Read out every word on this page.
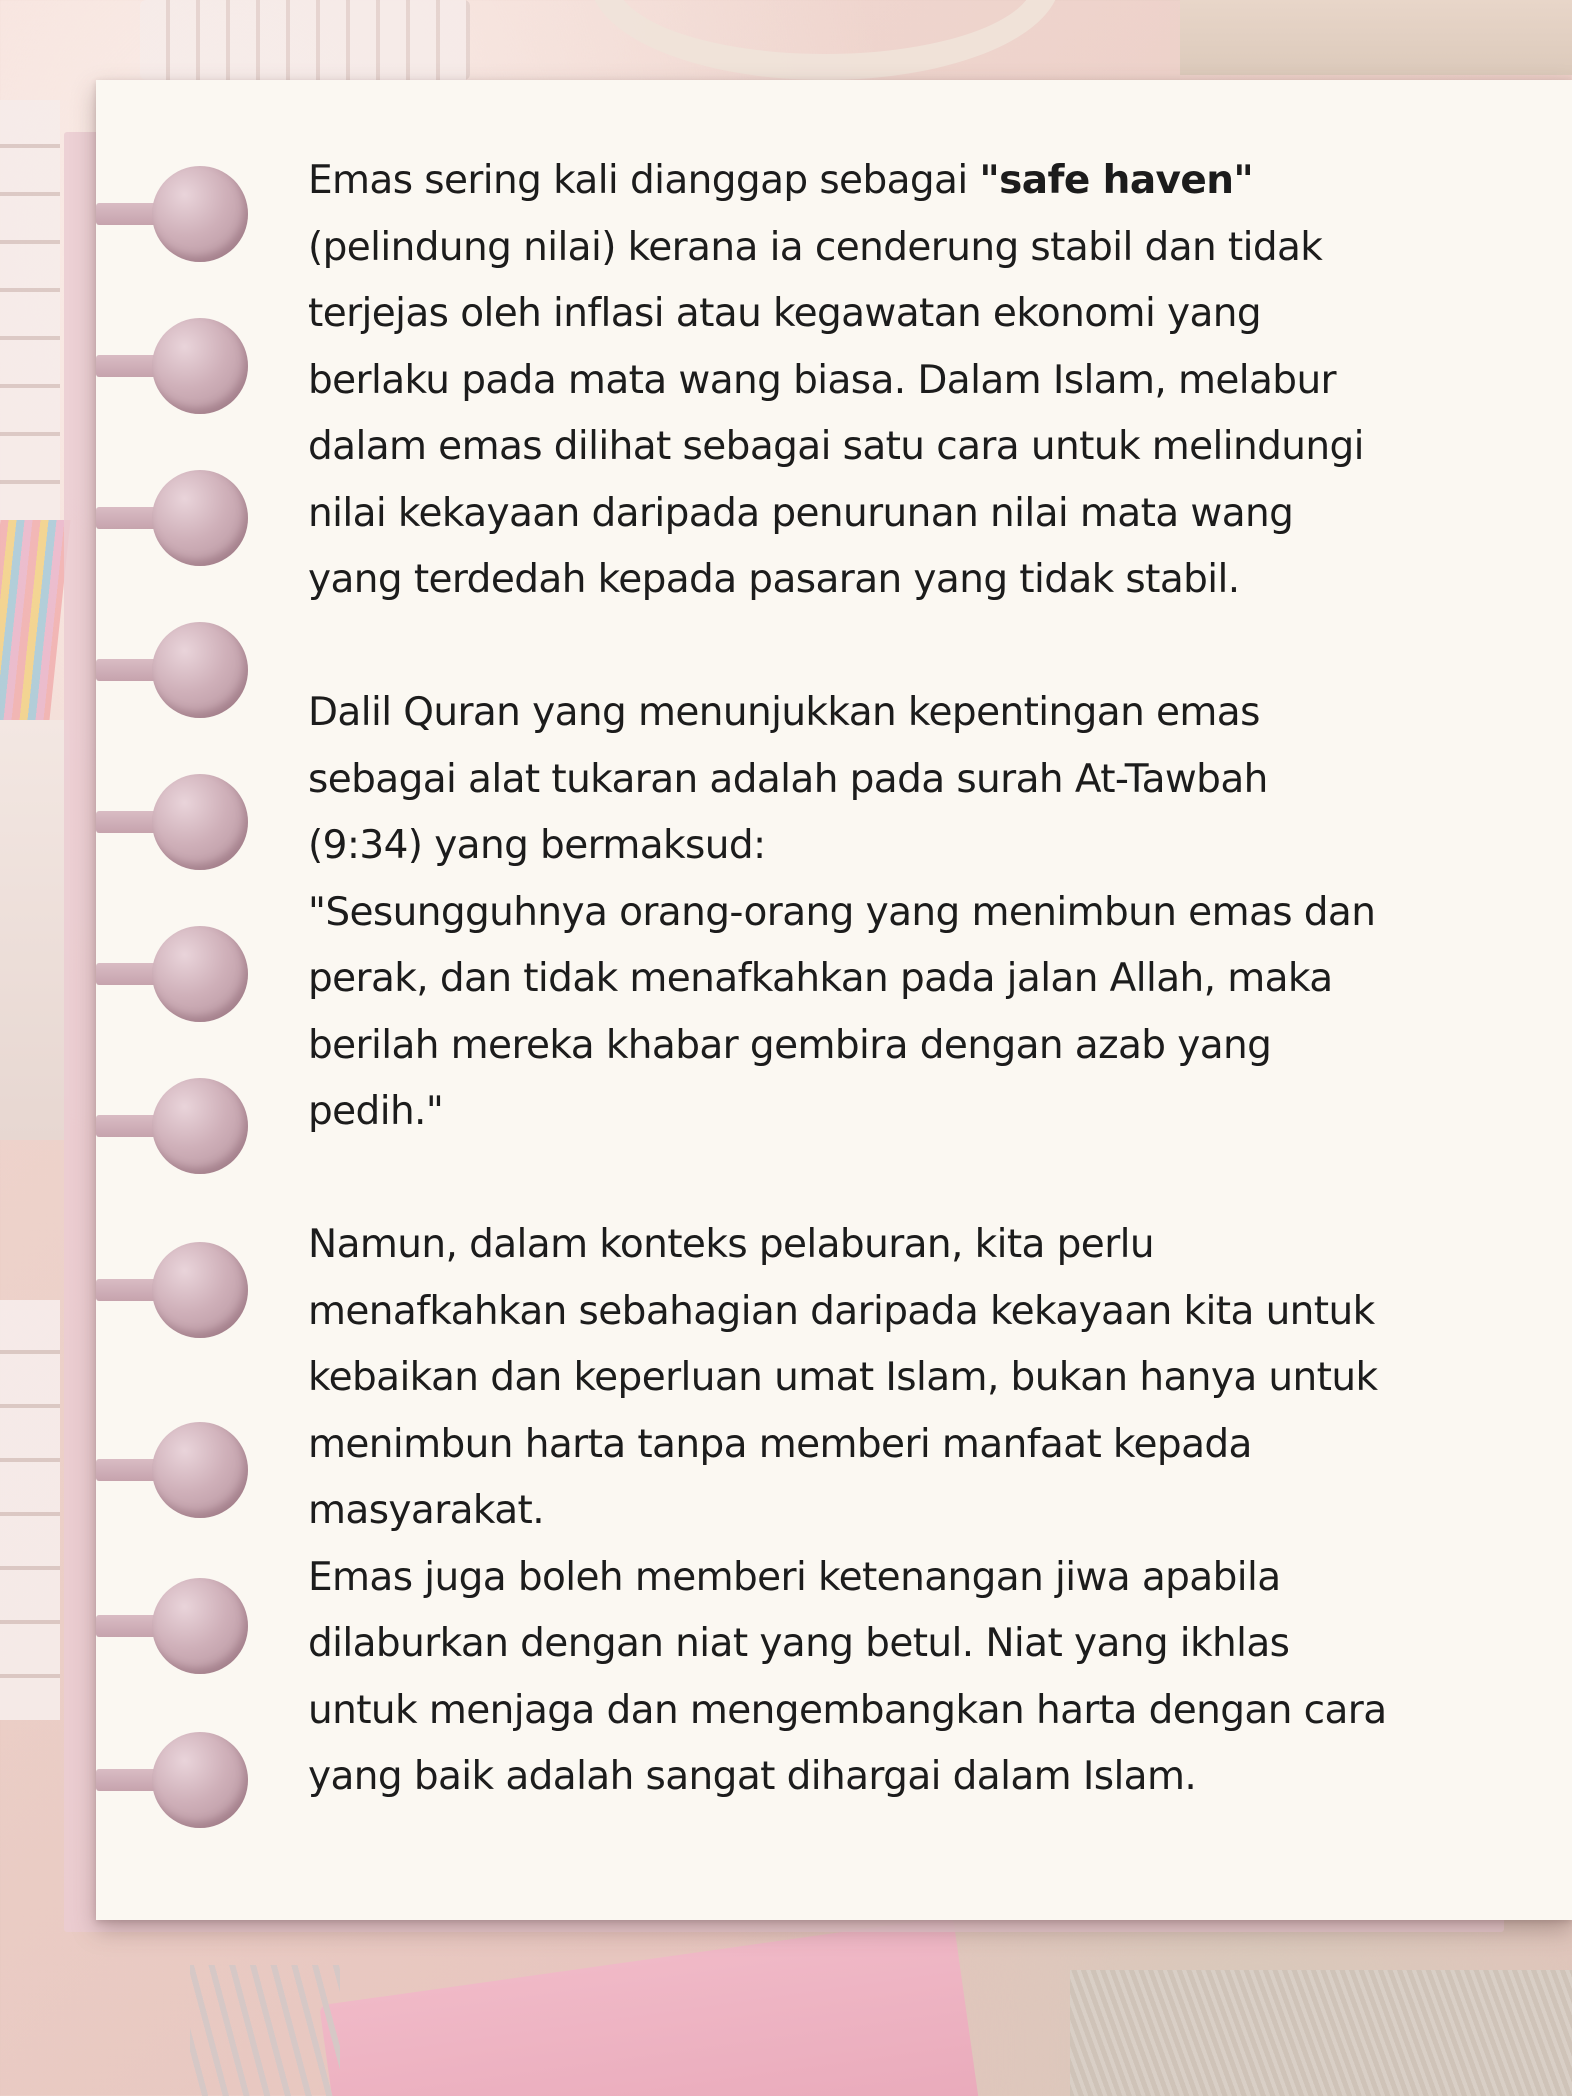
Emas sering kali dianggap sebagai "safe haven"
(pelindung nilai) kerana ia cenderung stabil dan tidak
terjejas oleh inflasi atau kegawatan ekonomi yang
berlaku pada mata wang biasa. Dalam Islam, melabur
dalam emas dilihat sebagai satu cara untuk melindungi
nilai kekayaan daripada penurunan nilai mata wang
yang terdedah kepada pasaran yang tidak stabil.
Dalil Quran yang menunjukkan kepentingan emas
sebagai alat tukaran adalah pada surah At-Tawbah
(9:34) yang bermaksud:
"Sesungguhnya orang-orang yang menimbun emas dan
perak, dan tidak menafkahkan pada jalan Allah, maka
berilah mereka khabar gembira dengan azab yang
pedih."
Namun, dalam konteks pelaburan, kita perlu
menafkahkan sebahagian daripada kekayaan kita untuk
kebaikan dan keperluan umat Islam, bukan hanya untuk
menimbun harta tanpa memberi manfaat kepada
masyarakat.
Emas juga boleh memberi ketenangan jiwa apabila
dilaburkan dengan niat yang betul. Niat yang ikhlas
untuk menjaga dan mengembangkan harta dengan cara
yang baik adalah sangat dihargai dalam Islam.
